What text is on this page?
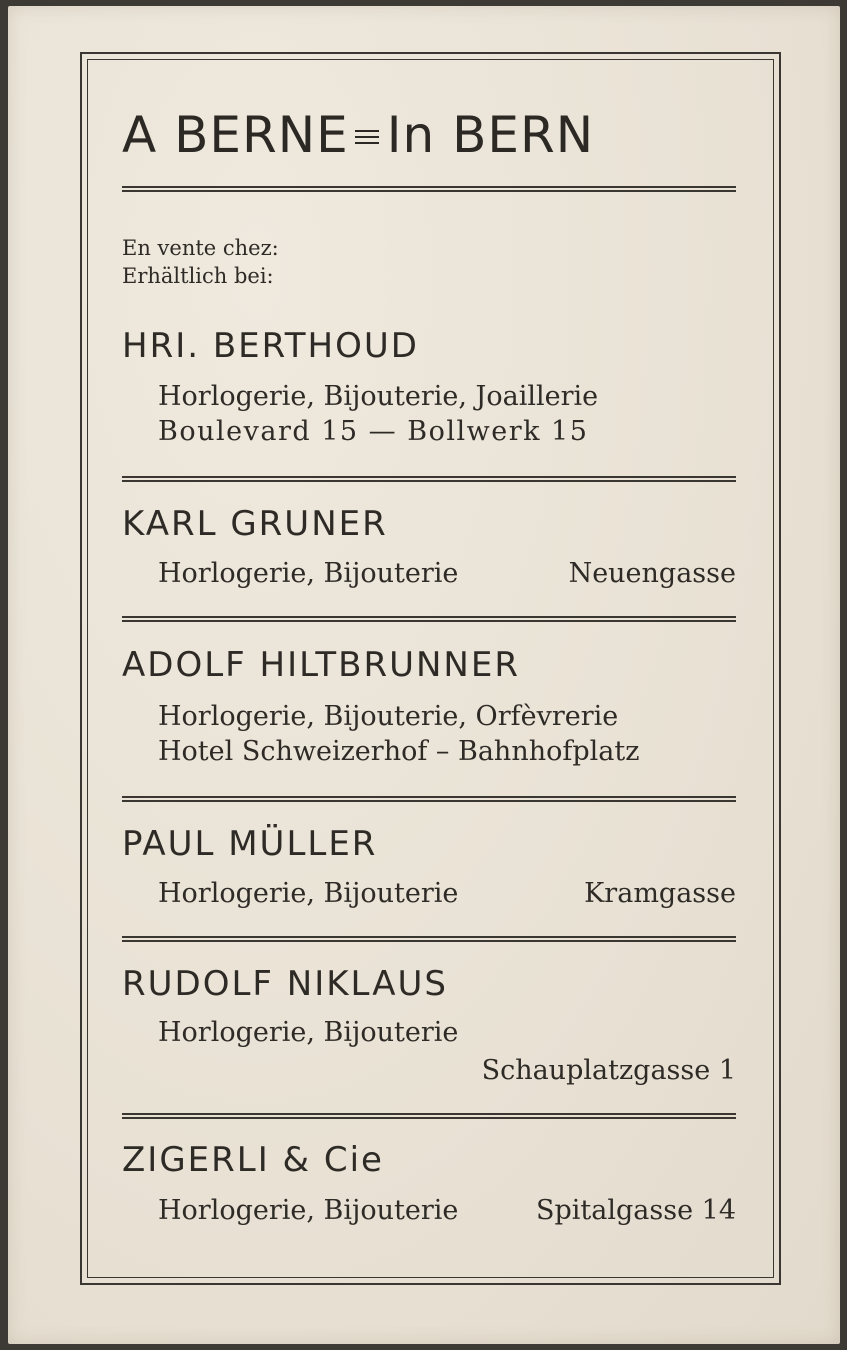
A BERNE In BERN
En vente chez:
Erhältlich bei:
HRI. BERTHOUD
Horlogerie, Bijouterie, Joaillerie
Boulevard 15 — Bollwerk 15
KARL GRUNER
Horlogerie, Bijouterie	Neuengasse
ADOLF HILTBRUNNER
Horlogerie, Bijouterie, Orfèvrerie
Hotel Schweizerhof – Bahnhofplatz
PAUL MÜLLER
Horlogerie, Bijouterie	Kramgasse
RUDOLF NIKLAUS
Horlogerie, Bijouterie
Schauplatzgasse 1
ZIGERLI & Cie
Horlogerie, Bijouterie	Spitalgasse 14
